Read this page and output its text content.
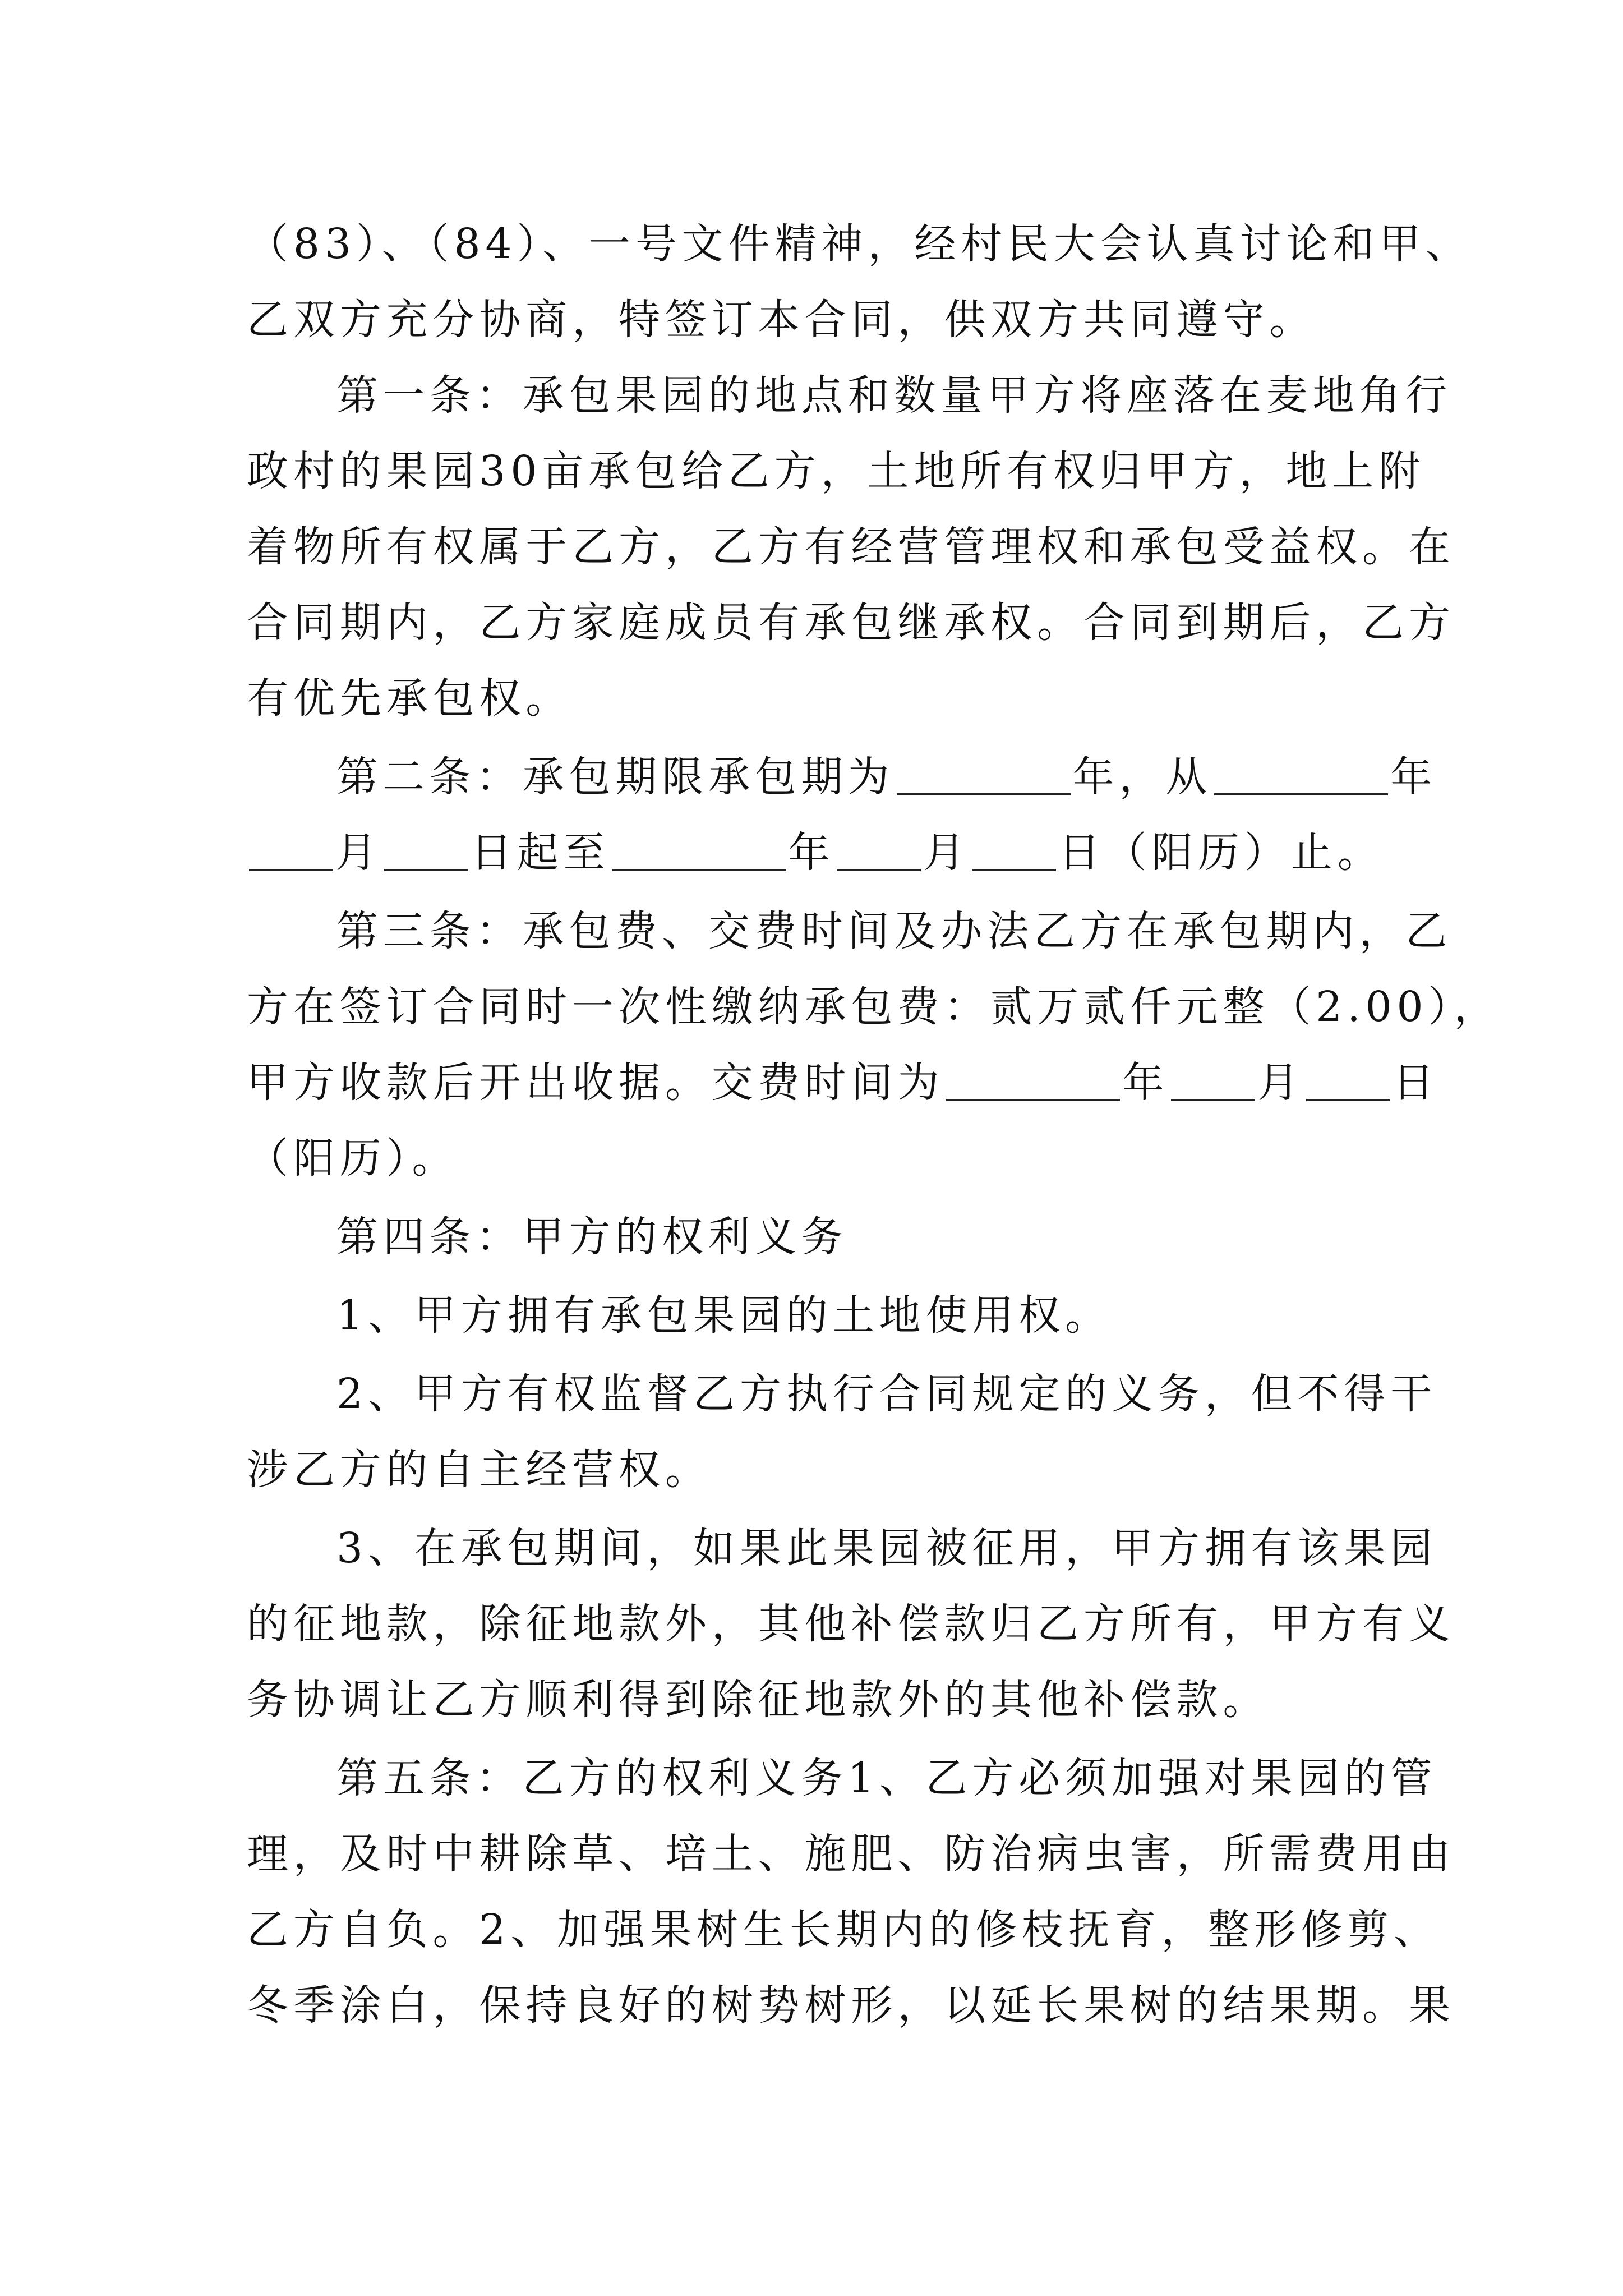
（83）、（84）、一号文件精神，经村民大会认真讨论和甲、
乙双方充分协商，特签订本合同，供双方共同遵守。
第一条：承包果园的地点和数量甲方将座落在麦地角行
政村的果园30亩承包给乙方，土地所有权归甲方，地上附
着物所有权属于乙方，乙方有经营管理权和承包受益权。在
合同期内，乙方家庭成员有承包继承权。合同到期后，乙方
有优先承包权。
第二条：承包期限承包期为	年，从	年
月 日起至	年 月 日（阳历）止。
第三条：承包费、交费时间及办法乙方在承包期内，乙
方在签订合同时一次性缴纳承包费：贰万贰仟元整（2.00），
甲方收款后开出收据。交费时间为	年 月 日
（阳历）。
第四条：甲方的权利义务
1、甲方拥有承包果园的土地使用权。
2、甲方有权监督乙方执行合同规定的义务，但不得干
涉乙方的自主经营权。
3、在承包期间，如果此果园被征用，甲方拥有该果园
的征地款，除征地款外，其他补偿款归乙方所有，甲方有义
务协调让乙方顺利得到除征地款外的其他补偿款。
第五条：乙方的权利义务1、乙方必须加强对果园的管
理，及时中耕除草、培土、施肥、防治病虫害，所需费用由
乙方自负。2、加强果树生长期内的修枝抚育，整形修剪、
冬季涂白，保持良好的树势树形，以延长果树的结果期。果
